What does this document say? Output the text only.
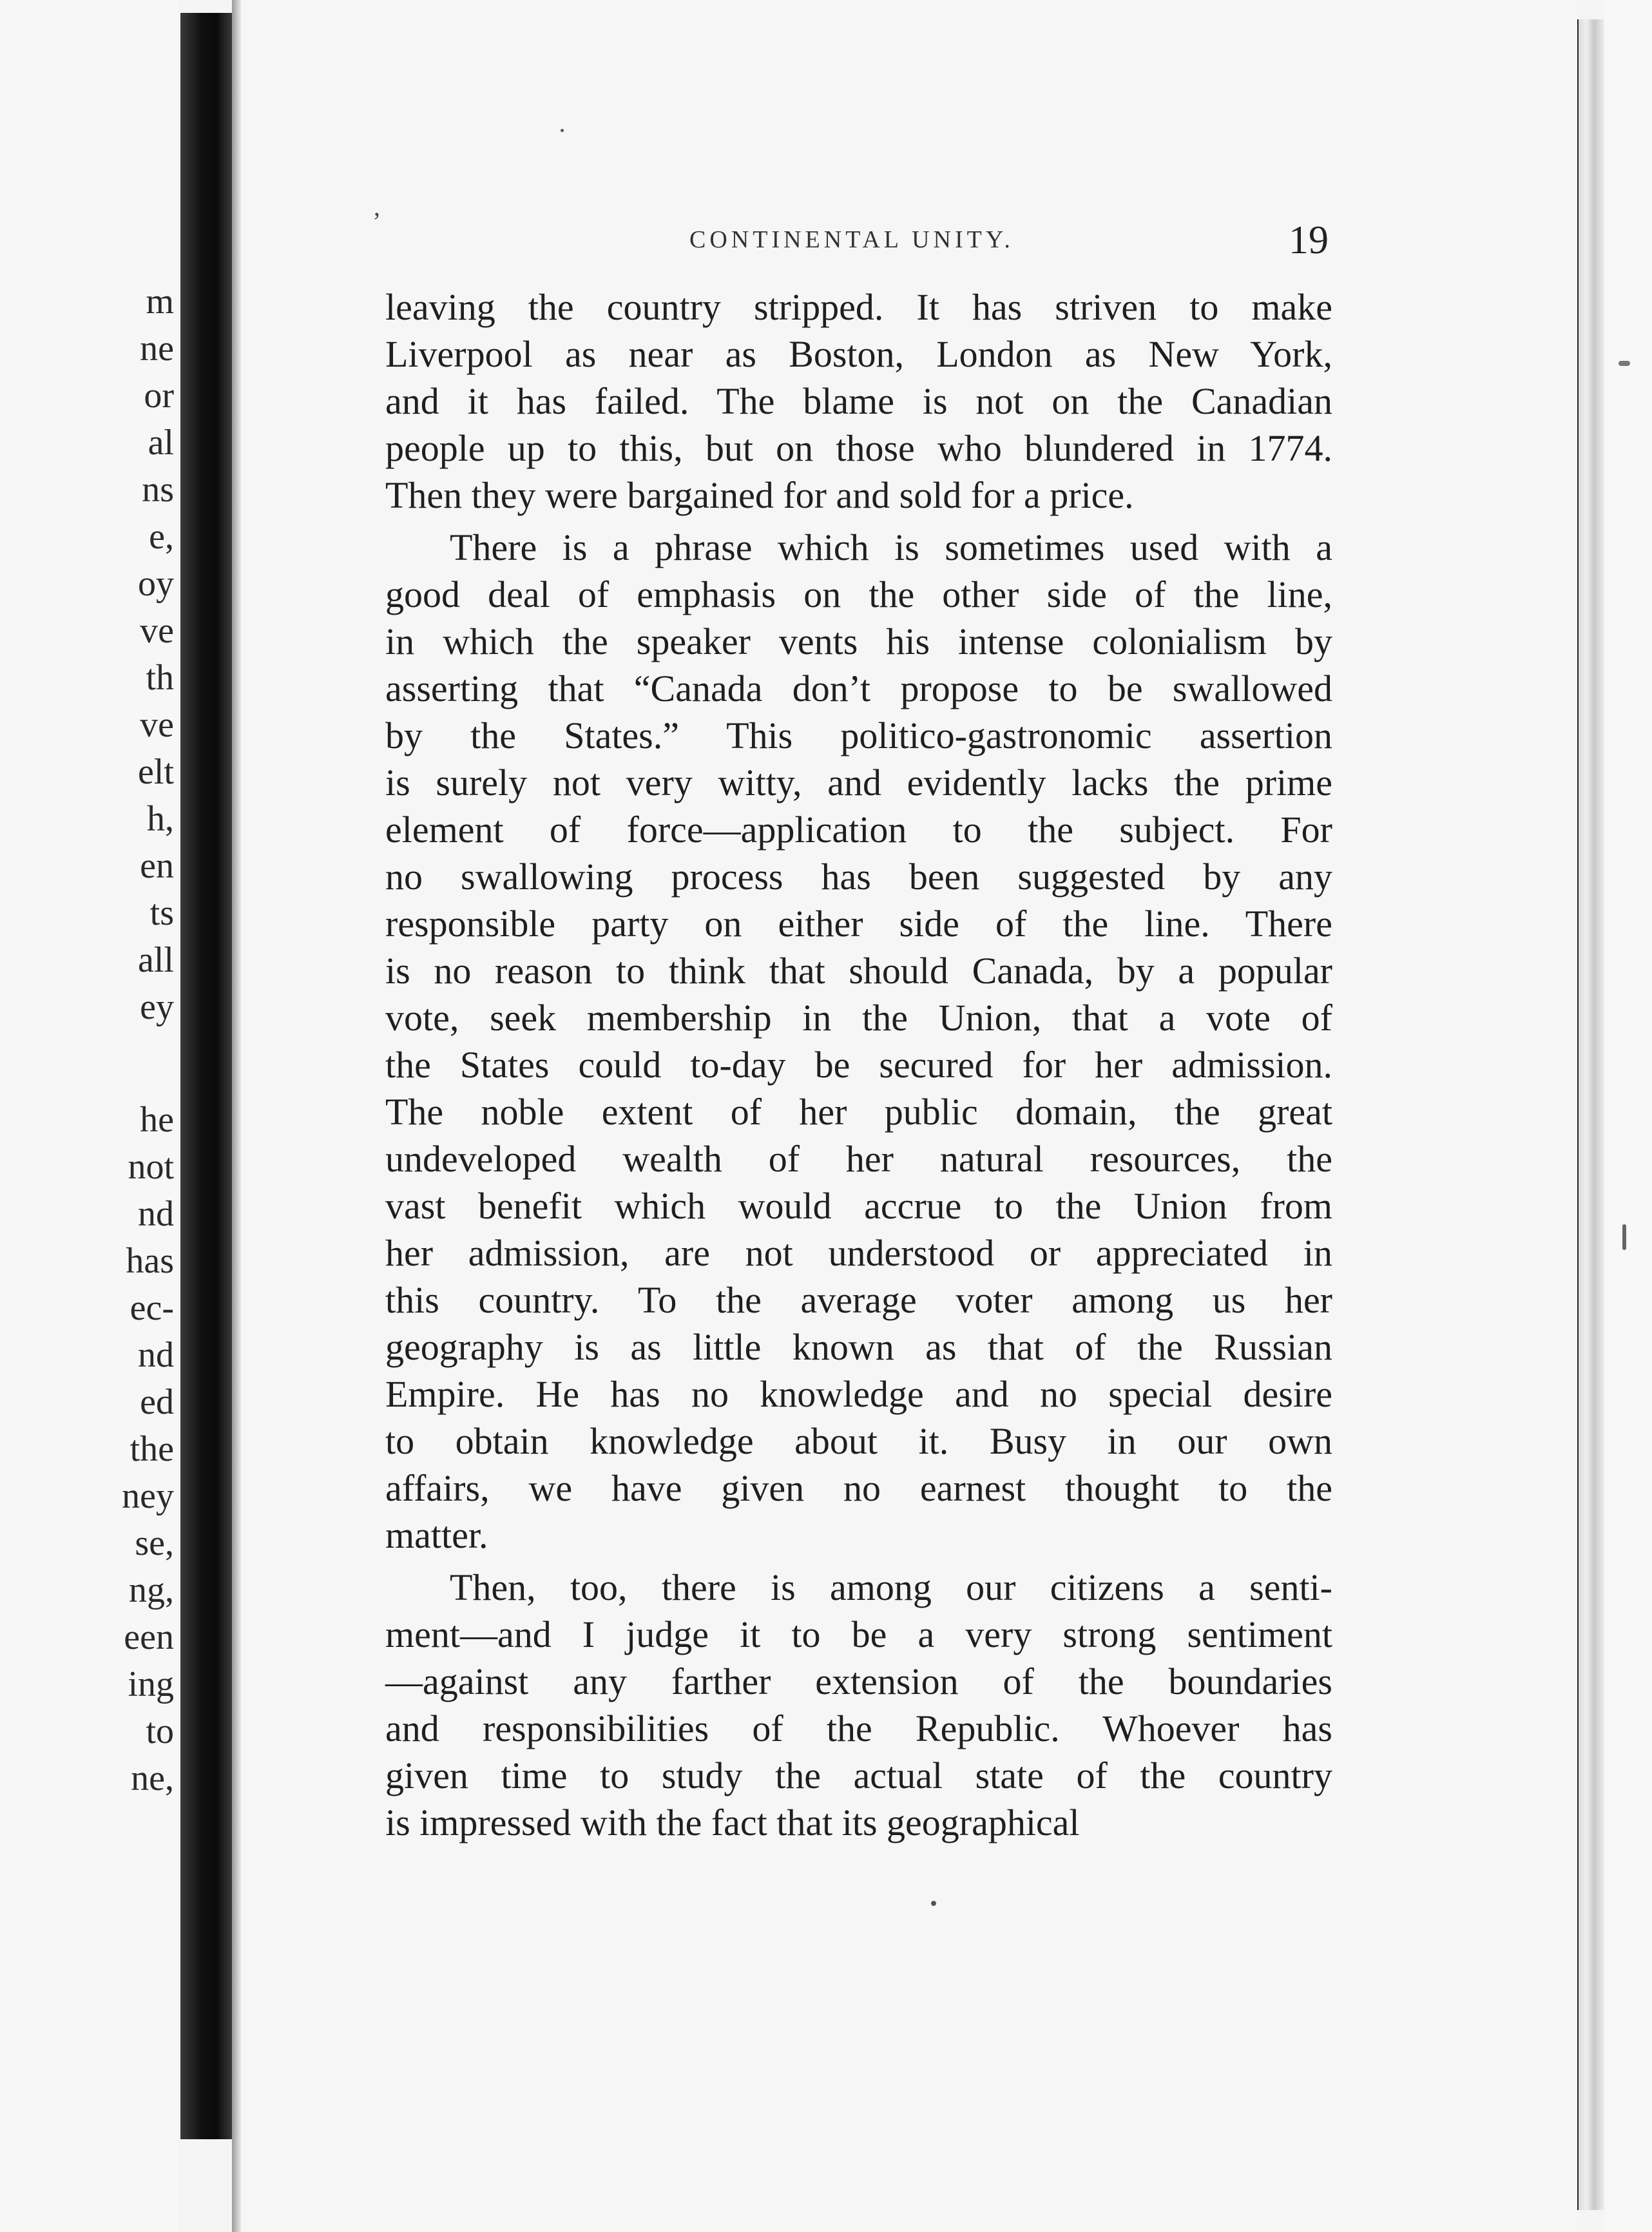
m
ne
or
al
ns
e,
oy
ve
th
ve
elt
h,
en
ts
all
ey
he
not
nd
has
ec-
nd
ed
the
ney
se,
ng,
een
ing
to
ne,
’
CONTINENTAL UNITY.	19
leaving the country stripped. It has striven to make
Liverpool as near as Boston, London as New York,
and it has failed. The blame is not on the Canadian
people up to this, but on those who blundered in 1774.
Then they were bargained for and sold for a price.
There is a phrase which is sometimes used with a
good deal of emphasis on the other side of the line,
in which the speaker vents his intense colonialism by
asserting that “Canada don’t propose to be swallowed
by the States.” This politico-gastronomic assertion
is surely not very witty, and evidently lacks the prime
element of force—application to the subject. For
no swallowing process has been suggested by any
responsible party on either side of the line. There
is no reason to think that should Canada, by a popular
vote, seek membership in the Union, that a vote of
the States could to-day be secured for her admission.
The noble extent of her public domain, the great
undeveloped wealth of her natural resources, the
vast benefit which would accrue to the Union from
her admission, are not understood or appreciated in
this country. To the average voter among us her
geography is as little known as that of the Russian
Empire. He has no knowledge and no special desire
to obtain knowledge about it. Busy in our own
affairs, we have given no earnest thought to the
matter.
Then, too, there is among our citizens a senti-
ment—and I judge it to be a very strong sentiment
—against any farther extension of the boundaries
and responsibilities of the Republic. Whoever has
given time to study the actual state of the country
is impressed with the fact that its geographical
